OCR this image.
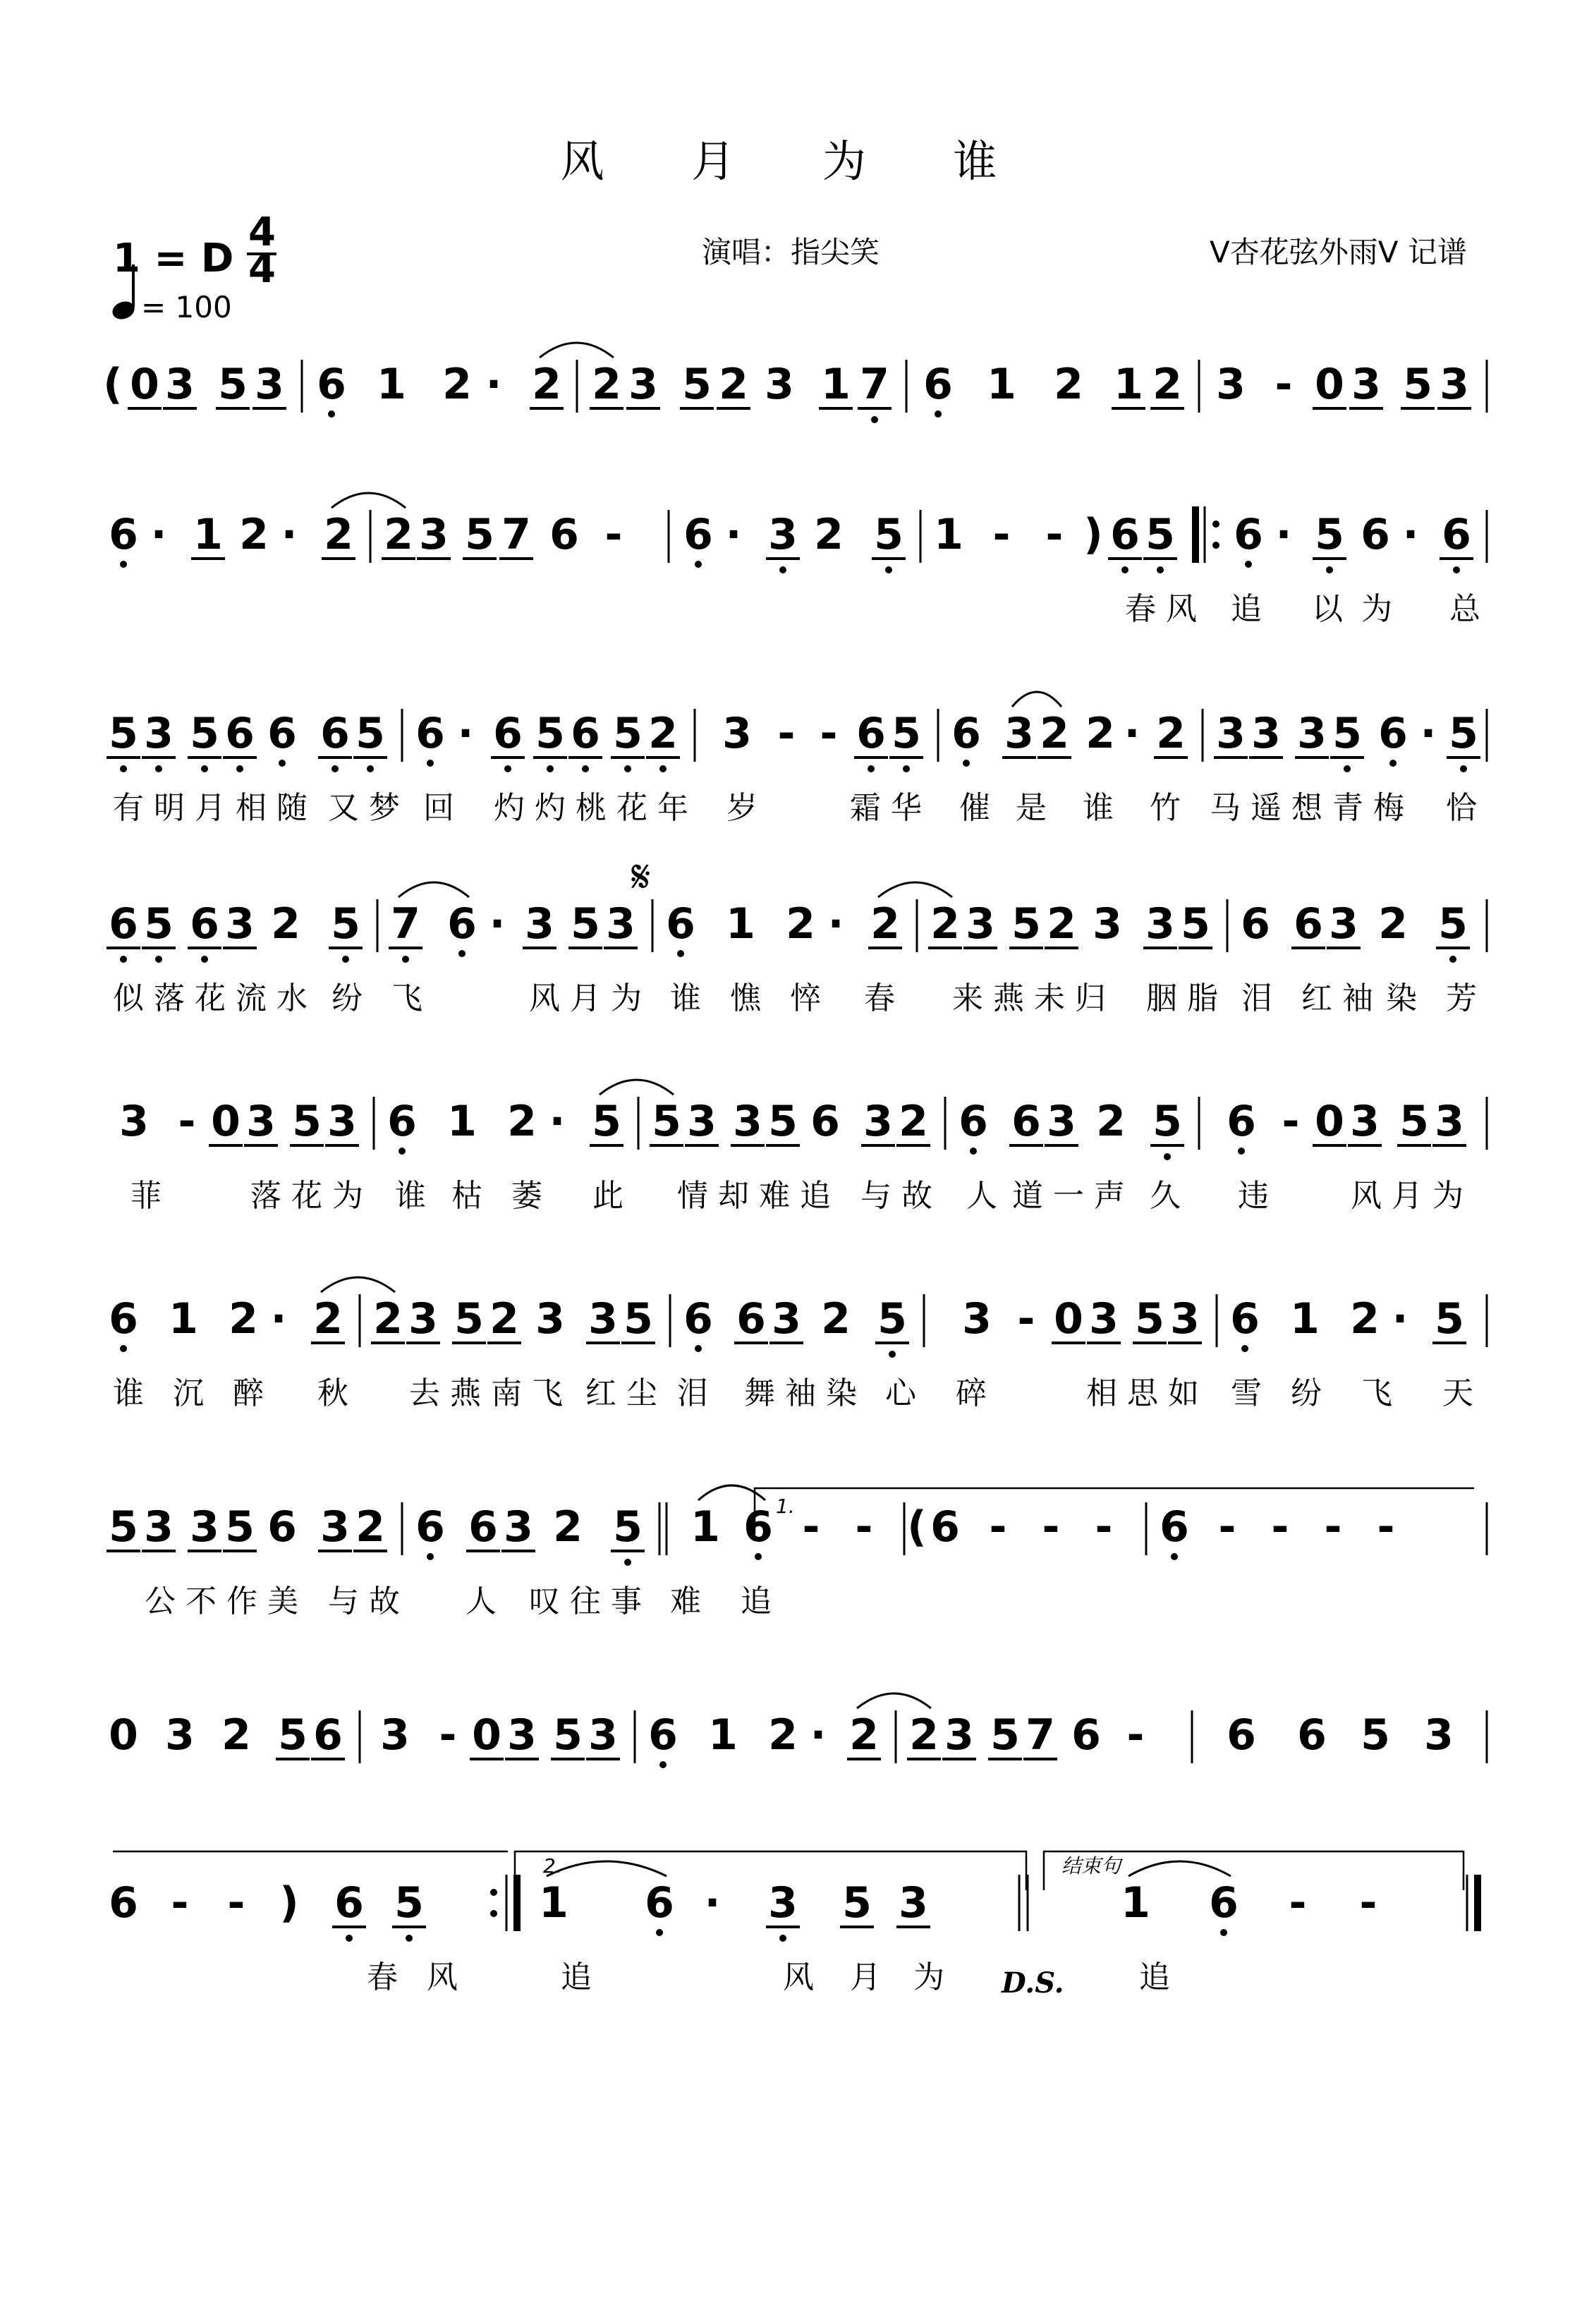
风 月 为 谁
1 = D
4
4
= 100
演唱：指尖笑	V杏花弦外雨V 记谱
𝄋
( 0 3 5 3 6 1 2 · 2 2 3 5 2 3 1 7 6 1 2 1 2 3 - 0 3 5 3
6 · 1 2 · 2 2 3 5 7 6 - 6 · 3 2 5 1 - - ) 6 5 6 · 5 6 · 6
春风 追 以 为 总
5 3 5 6 6 6 5 6 · 6 5 6 5 2 3 - - 6 5 6 3 2 2 · 2 3 3 3 5 6 · 5
有明月相随 又梦 回 灼灼桃花年 岁	霜华 催 是 谁 竹 马遥想青梅 恰
6 5 6 3 2 5 7 6 · 3 5 3 6 1 2 · 2 2 3 5 2 3 3 5 6 6 3 2 5
似落花流水 纷 飞	风月为 谁 憔 悴 春 来燕未归 胭脂 泪 红袖 染 芳
3 - 0 3 5 3 6 1 2 · 5 5 3 3 5 6 3 2 6 6 3 2 5 6 - 0 3 5 3
菲	落花为 谁 枯 萎 此 情却难追 与故 人 道一声 久 违 风月为
6 1 2 · 2 2 3 5 2 3 3 5 6 6 3 2 5 3 - 0 3 5 3 6 1 2 · 5
谁 沉 醉 秋 去燕南飞 红尘 泪 舞袖染 心 碎	相思如 雪 纷 飞 天
5 3 3 5 6 3 2 6 6 3 2 5 1 6 - - ( 6 - - - 6 - - - -
公不作美 与故 人 叹往事 难 追
0 3 2 5 6 3 - 0 3 5 3 6 1 2 · 2 2 3 5 7 6 - 6 6 5 3
6 - - ) 6 5	1 6 · 3 5 3	1 6 - -
春 风	追	风 月 为	追
1.
2.	结束句
D.S.
